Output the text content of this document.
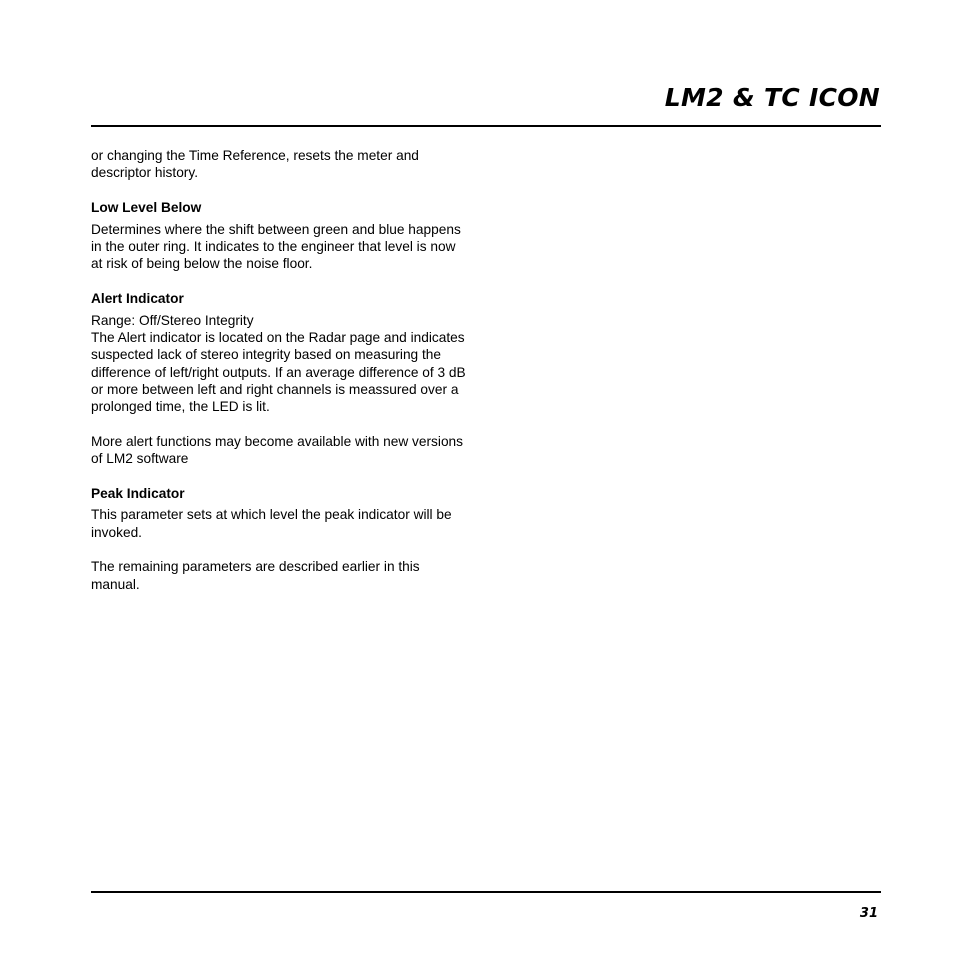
LM2 & TC ICON

or changing the Time Reference, resets the meter and descriptor history.

Low Level Below

Determines where the shift between green and blue happens in the outer ring. It indicates to the engineer that level is now at risk of being below the noise floor.

Alert Indicator

Range: Off/Stereo Integrity

The Alert indicator is located on the Radar page and indicates suspected lack of stereo integrity based on measuring the difference of left/right outputs. If an average difference of 3 dB or more between left and right channels is meassured over a prolonged time, the LED is lit.

More alert functions may become available with new versions of LM2 software

Peak Indicator

This parameter sets at which level the peak indicator will be invoked.

The remaining parameters are described earlier in this manual.

31
